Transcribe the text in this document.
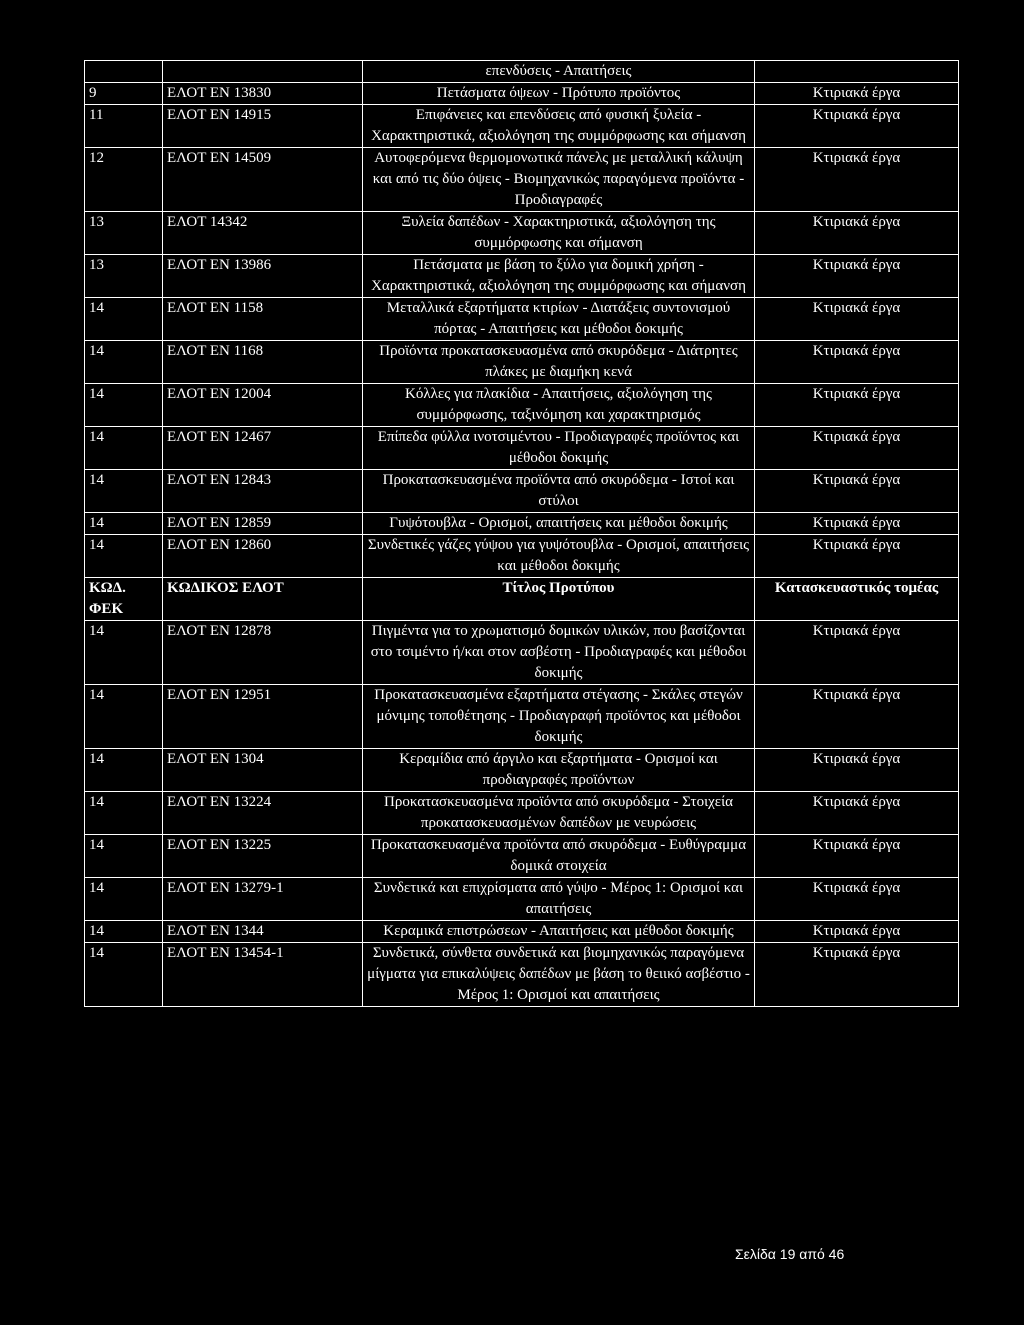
		επενδύσεις - Απαιτήσεις	
9	ΕΛΟΤ ΕΝ 13830	Πετάσματα όψεων - Πρότυπο προϊόντος	Κτιριακά έργα
11	ΕΛΟΤ ΕΝ 14915	Επιφάνειες και επενδύσεις από φυσική ξυλεία - Χαρακτηριστικά, αξιολόγηση της συμμόρφωσης και σήμανση	Κτιριακά έργα
12	ΕΛΟΤ ΕΝ 14509	Αυτοφερόμενα θερμομονωτικά πάνελς με μεταλλική κάλυψη και από τις δύο όψεις - Βιομηχανικώς παραγόμενα προϊόντα - Προδιαγραφές	Κτιριακά έργα
13	ΕΛΟΤ 14342	Ξυλεία δαπέδων - Χαρακτηριστικά, αξιολόγηση της συμμόρφωσης και σήμανση	Κτιριακά έργα
13	ΕΛΟΤ ΕΝ 13986	Πετάσματα με βάση το ξύλο για δομική χρήση - Χαρακτηριστικά, αξιολόγηση της συμμόρφωσης και σήμανση	Κτιριακά έργα
14	ΕΛΟΤ ΕΝ 1158	Μεταλλικά εξαρτήματα κτιρίων - Διατάξεις συντονισμού πόρτας - Απαιτήσεις και μέθοδοι δοκιμής	Κτιριακά έργα
14	ΕΛΟΤ ΕΝ 1168	Προϊόντα προκατασκευασμένα από σκυρόδεμα - Διάτρητες πλάκες με διαμήκη κενά	Κτιριακά έργα
14	ΕΛΟΤ ΕΝ 12004	Κόλλες για πλακίδια - Απαιτήσεις, αξιολόγηση της συμμόρφωσης, ταξινόμηση και χαρακτηρισμός	Κτιριακά έργα
14	ΕΛΟΤ ΕΝ 12467	Επίπεδα φύλλα ινοτσιμέντου - Προδιαγραφές προϊόντος και μέθοδοι δοκιμής	Κτιριακά έργα
14	ΕΛΟΤ ΕΝ 12843	Προκατασκευασμένα προϊόντα από σκυρόδεμα - Ιστοί και στύλοι	Κτιριακά έργα
14	ΕΛΟΤ ΕΝ 12859	Γυψότουβλα - Ορισμοί, απαιτήσεις και μέθοδοι δοκιμής	Κτιριακά έργα
14	ΕΛΟΤ ΕΝ 12860	Συνδετικές γάζες γύψου για γυψότουβλα - Ορισμοί, απαιτήσεις και μέθοδοι δοκιμής	Κτιριακά έργα
ΚΩΔ. ΦΕΚ	ΚΩΔΙΚΟΣ ΕΛΟΤ	Τίτλος Προτύπου	Κατασκευαστικός τομέας
14	ΕΛΟΤ ΕΝ 12878	Πιγμέντα για το χρωματισμό δομικών υλικών, που βασίζονται στο τσιμέντο ή/και στον ασβέστη - Προδιαγραφές και μέθοδοι δοκιμής	Κτιριακά έργα
14	ΕΛΟΤ ΕΝ 12951	Προκατασκευασμένα εξαρτήματα στέγασης - Σκάλες στεγών μόνιμης τοποθέτησης - Προδιαγραφή προϊόντος και μέθοδοι δοκιμής	Κτιριακά έργα
14	ΕΛΟΤ ΕΝ 1304	Κεραμίδια από άργιλο και εξαρτήματα - Ορισμοί και προδιαγραφές προϊόντων	Κτιριακά έργα
14	ΕΛΟΤ ΕΝ 13224	Προκατασκευασμένα προϊόντα από σκυρόδεμα - Στοιχεία προκατασκευασμένων δαπέδων με νευρώσεις	Κτιριακά έργα
14	ΕΛΟΤ ΕΝ 13225	Προκατασκευασμένα προϊόντα από σκυρόδεμα - Ευθύγραμμα δομικά στοιχεία	Κτιριακά έργα
14	ΕΛΟΤ ΕΝ 13279-1	Συνδετικά και επιχρίσματα από γύψο - Μέρος 1: Ορισμοί και απαιτήσεις	Κτιριακά έργα
14	ΕΛΟΤ ΕΝ 1344	Κεραμικά επιστρώσεων - Απαιτήσεις και μέθοδοι δοκιμής	Κτιριακά έργα
14	ΕΛΟΤ ΕΝ 13454-1	Συνδετικά, σύνθετα συνδετικά και βιομηχανικώς παραγόμενα μίγματα για επικαλύψεις δαπέδων με βάση το θειικό ασβέστιο - Μέρος 1: Ορισμοί και απαιτήσεις	Κτιριακά έργα
Σελίδα 19 από 46
